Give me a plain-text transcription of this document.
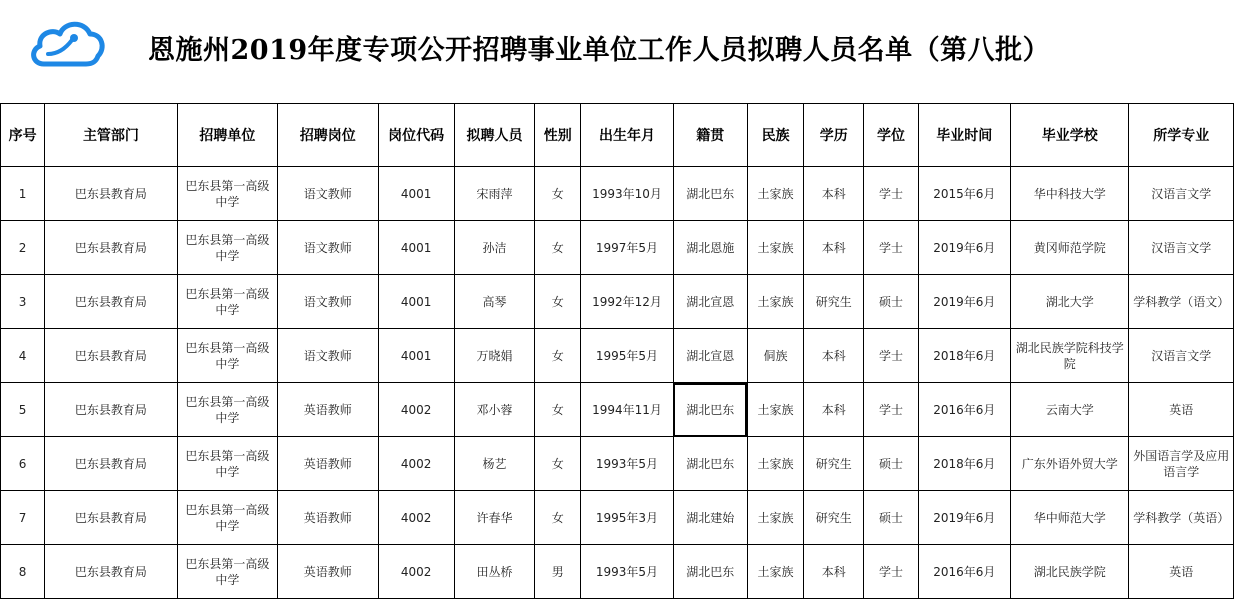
恩施州2019年度专项公开招聘事业单位工作人员拟聘人员名单（第八批）
序号	主管部门	招聘单位	招聘岗位	岗位代码	拟聘人员	性别	出生年月	籍贯	民族	学历	学位	毕业时间	毕业学校	所学专业
1	巴东县教育局	巴东县第一高级中学	语文教师	4001	宋雨萍	女	1993年10月	湖北巴东	土家族	本科	学士	2015年6月	华中科技大学	汉语言文学
2	巴东县教育局	巴东县第一高级中学	语文教师	4001	孙洁	女	1997年5月	湖北恩施	土家族	本科	学士	2019年6月	黄冈师范学院	汉语言文学
3	巴东县教育局	巴东县第一高级中学	语文教师	4001	高琴	女	1992年12月	湖北宣恩	土家族	研究生	硕士	2019年6月	湖北大学	学科教学（语文）
4	巴东县教育局	巴东县第一高级中学	语文教师	4001	万晓娟	女	1995年5月	湖北宣恩	侗族	本科	学士	2018年6月	湖北民族学院科技学院	汉语言文学
5	巴东县教育局	巴东县第一高级中学	英语教师	4002	邓小蓉	女	1994年11月	湖北巴东	土家族	本科	学士	2016年6月	云南大学	英语
6	巴东县教育局	巴东县第一高级中学	英语教师	4002	杨艺	女	1993年5月	湖北巴东	土家族	研究生	硕士	2018年6月	广东外语外贸大学	外国语言学及应用语言学
7	巴东县教育局	巴东县第一高级中学	英语教师	4002	许春华	女	1995年3月	湖北建始	土家族	研究生	硕士	2019年6月	华中师范大学	学科教学（英语）
8	巴东县教育局	巴东县第一高级中学	英语教师	4002	田丛桥	男	1993年5月	湖北巴东	土家族	本科	学士	2016年6月	湖北民族学院	英语
